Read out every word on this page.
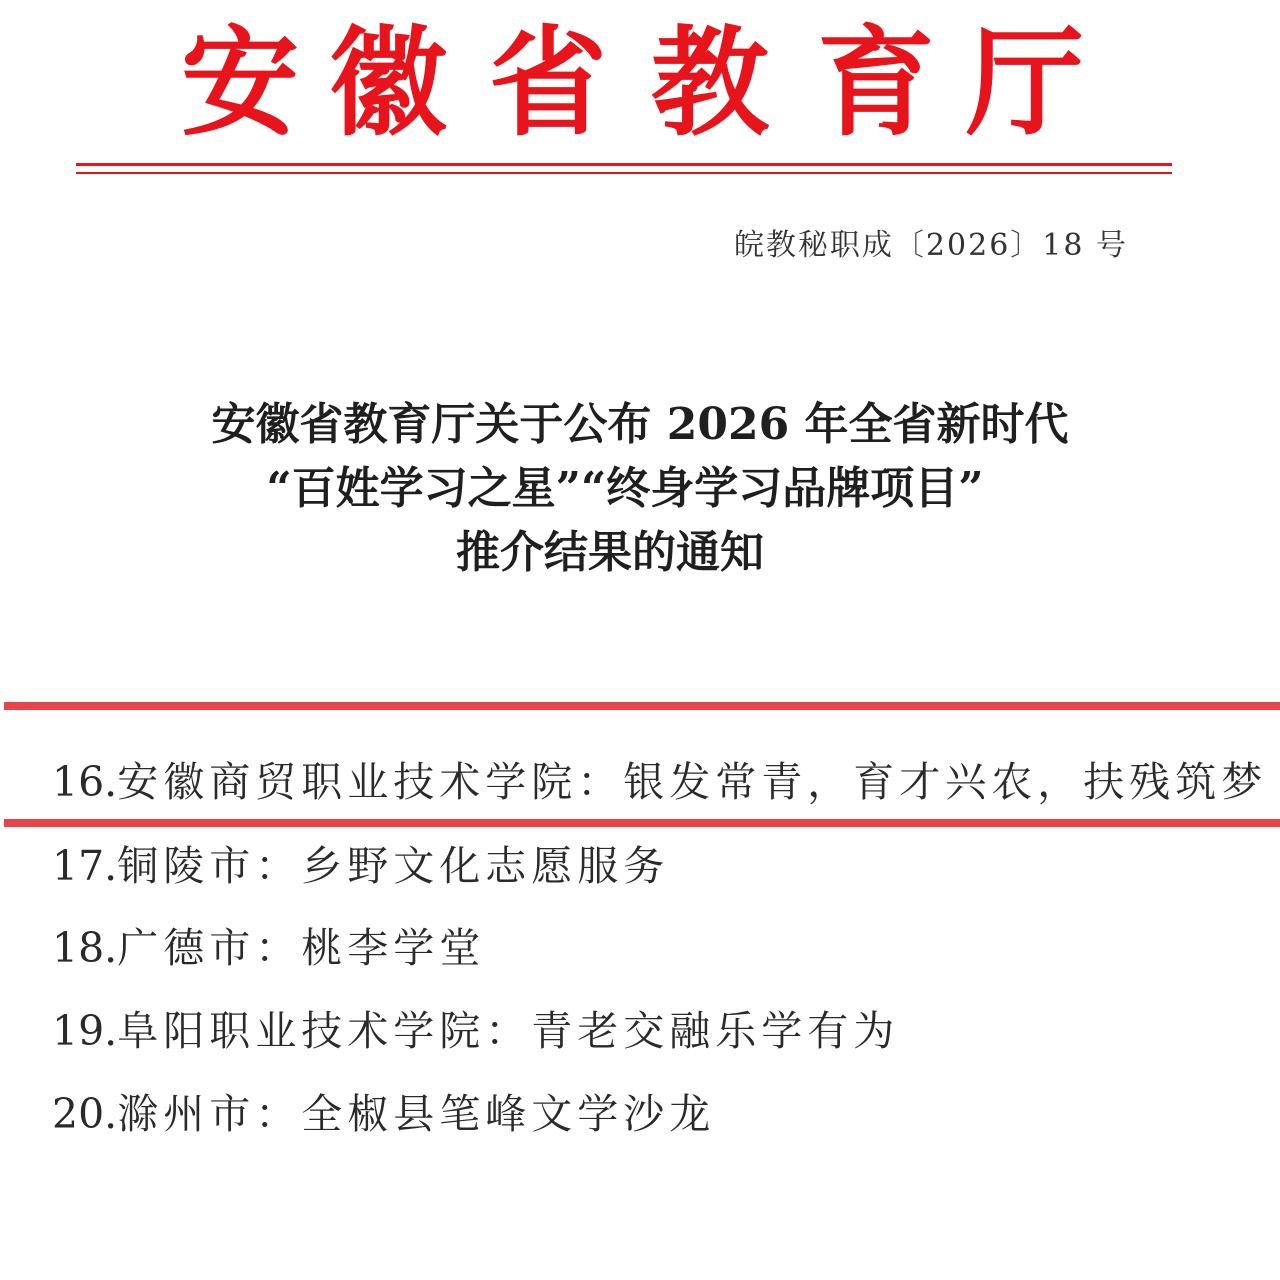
安 徽 省 教 育 厅
皖教秘职成〔2026〕18 号
安徽省教育厅关于公布 2026 年全省新时代
“百姓学习之星”“终身学习品牌项目”
推介结果的通知
16.安徽商贸职业技术学院：银发常青，育才兴农，扶残筑梦
17.铜陵市：乡野文化志愿服务
18.广德市：桃李学堂
19.阜阳职业技术学院：青老交融乐学有为
20.滁州市：全椒县笔峰文学沙龙
